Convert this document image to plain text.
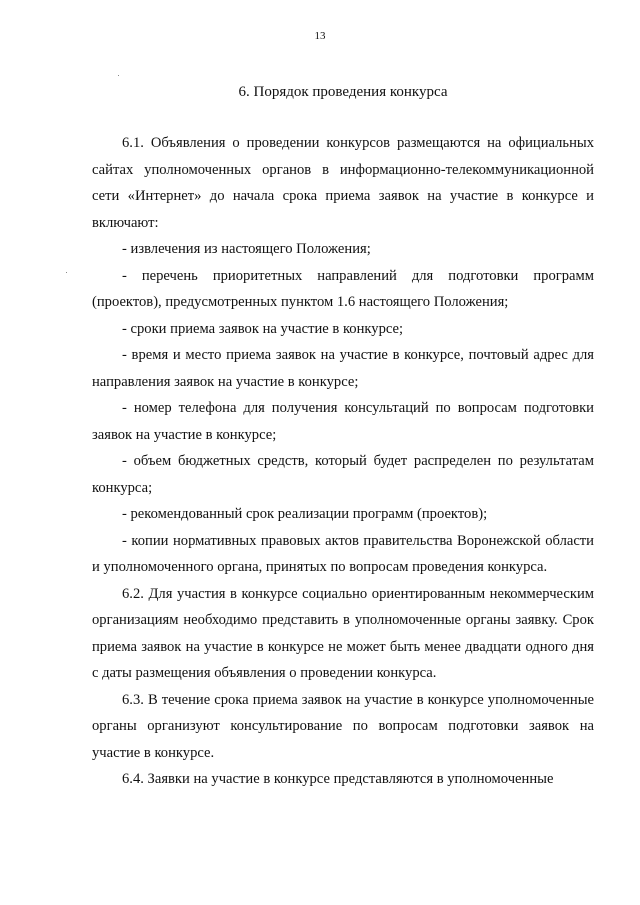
13
6. Порядок проведения конкурса

6.1. Объявления о проведении конкурсов размещаются на официальных сайтах уполномоченных органов в информационно-телекоммуникационной сети «Интернет» до начала срока приема заявок на участие в конкурсе и включают:

- извлечения из настоящего Положения;

- перечень приоритетных направлений для подготовки программ (проектов), предусмотренных пунктом 1.6 настоящего Положения;

- сроки приема заявок на участие в конкурсе;

- время и место приема заявок на участие в конкурсе, почтовый адрес для направления заявок на участие в конкурсе;

- номер телефона для получения консультаций по вопросам подготовки заявок на участие в конкурсе;

- объем бюджетных средств, который будет распределен по результатам конкурса;

- рекомендованный срок реализации программ (проектов);

- копии нормативных правовых актов правительства Воронежской области и уполномоченного органа, принятых по вопросам проведения конкурса.

6.2. Для участия в конкурсе социально ориентированным некоммерческим организациям необходимо представить в уполномоченные органы заявку. Срок приема заявок на участие в конкурсе не может быть менее двадцати одного дня с даты размещения объявления о проведении конкурса.

6.3. В течение срока приема заявок на участие в конкурсе уполномоченные органы организуют консультирование по вопросам подготовки заявок на участие в конкурсе.

6.4. Заявки на участие в конкурсе представляются в уполномоченные
